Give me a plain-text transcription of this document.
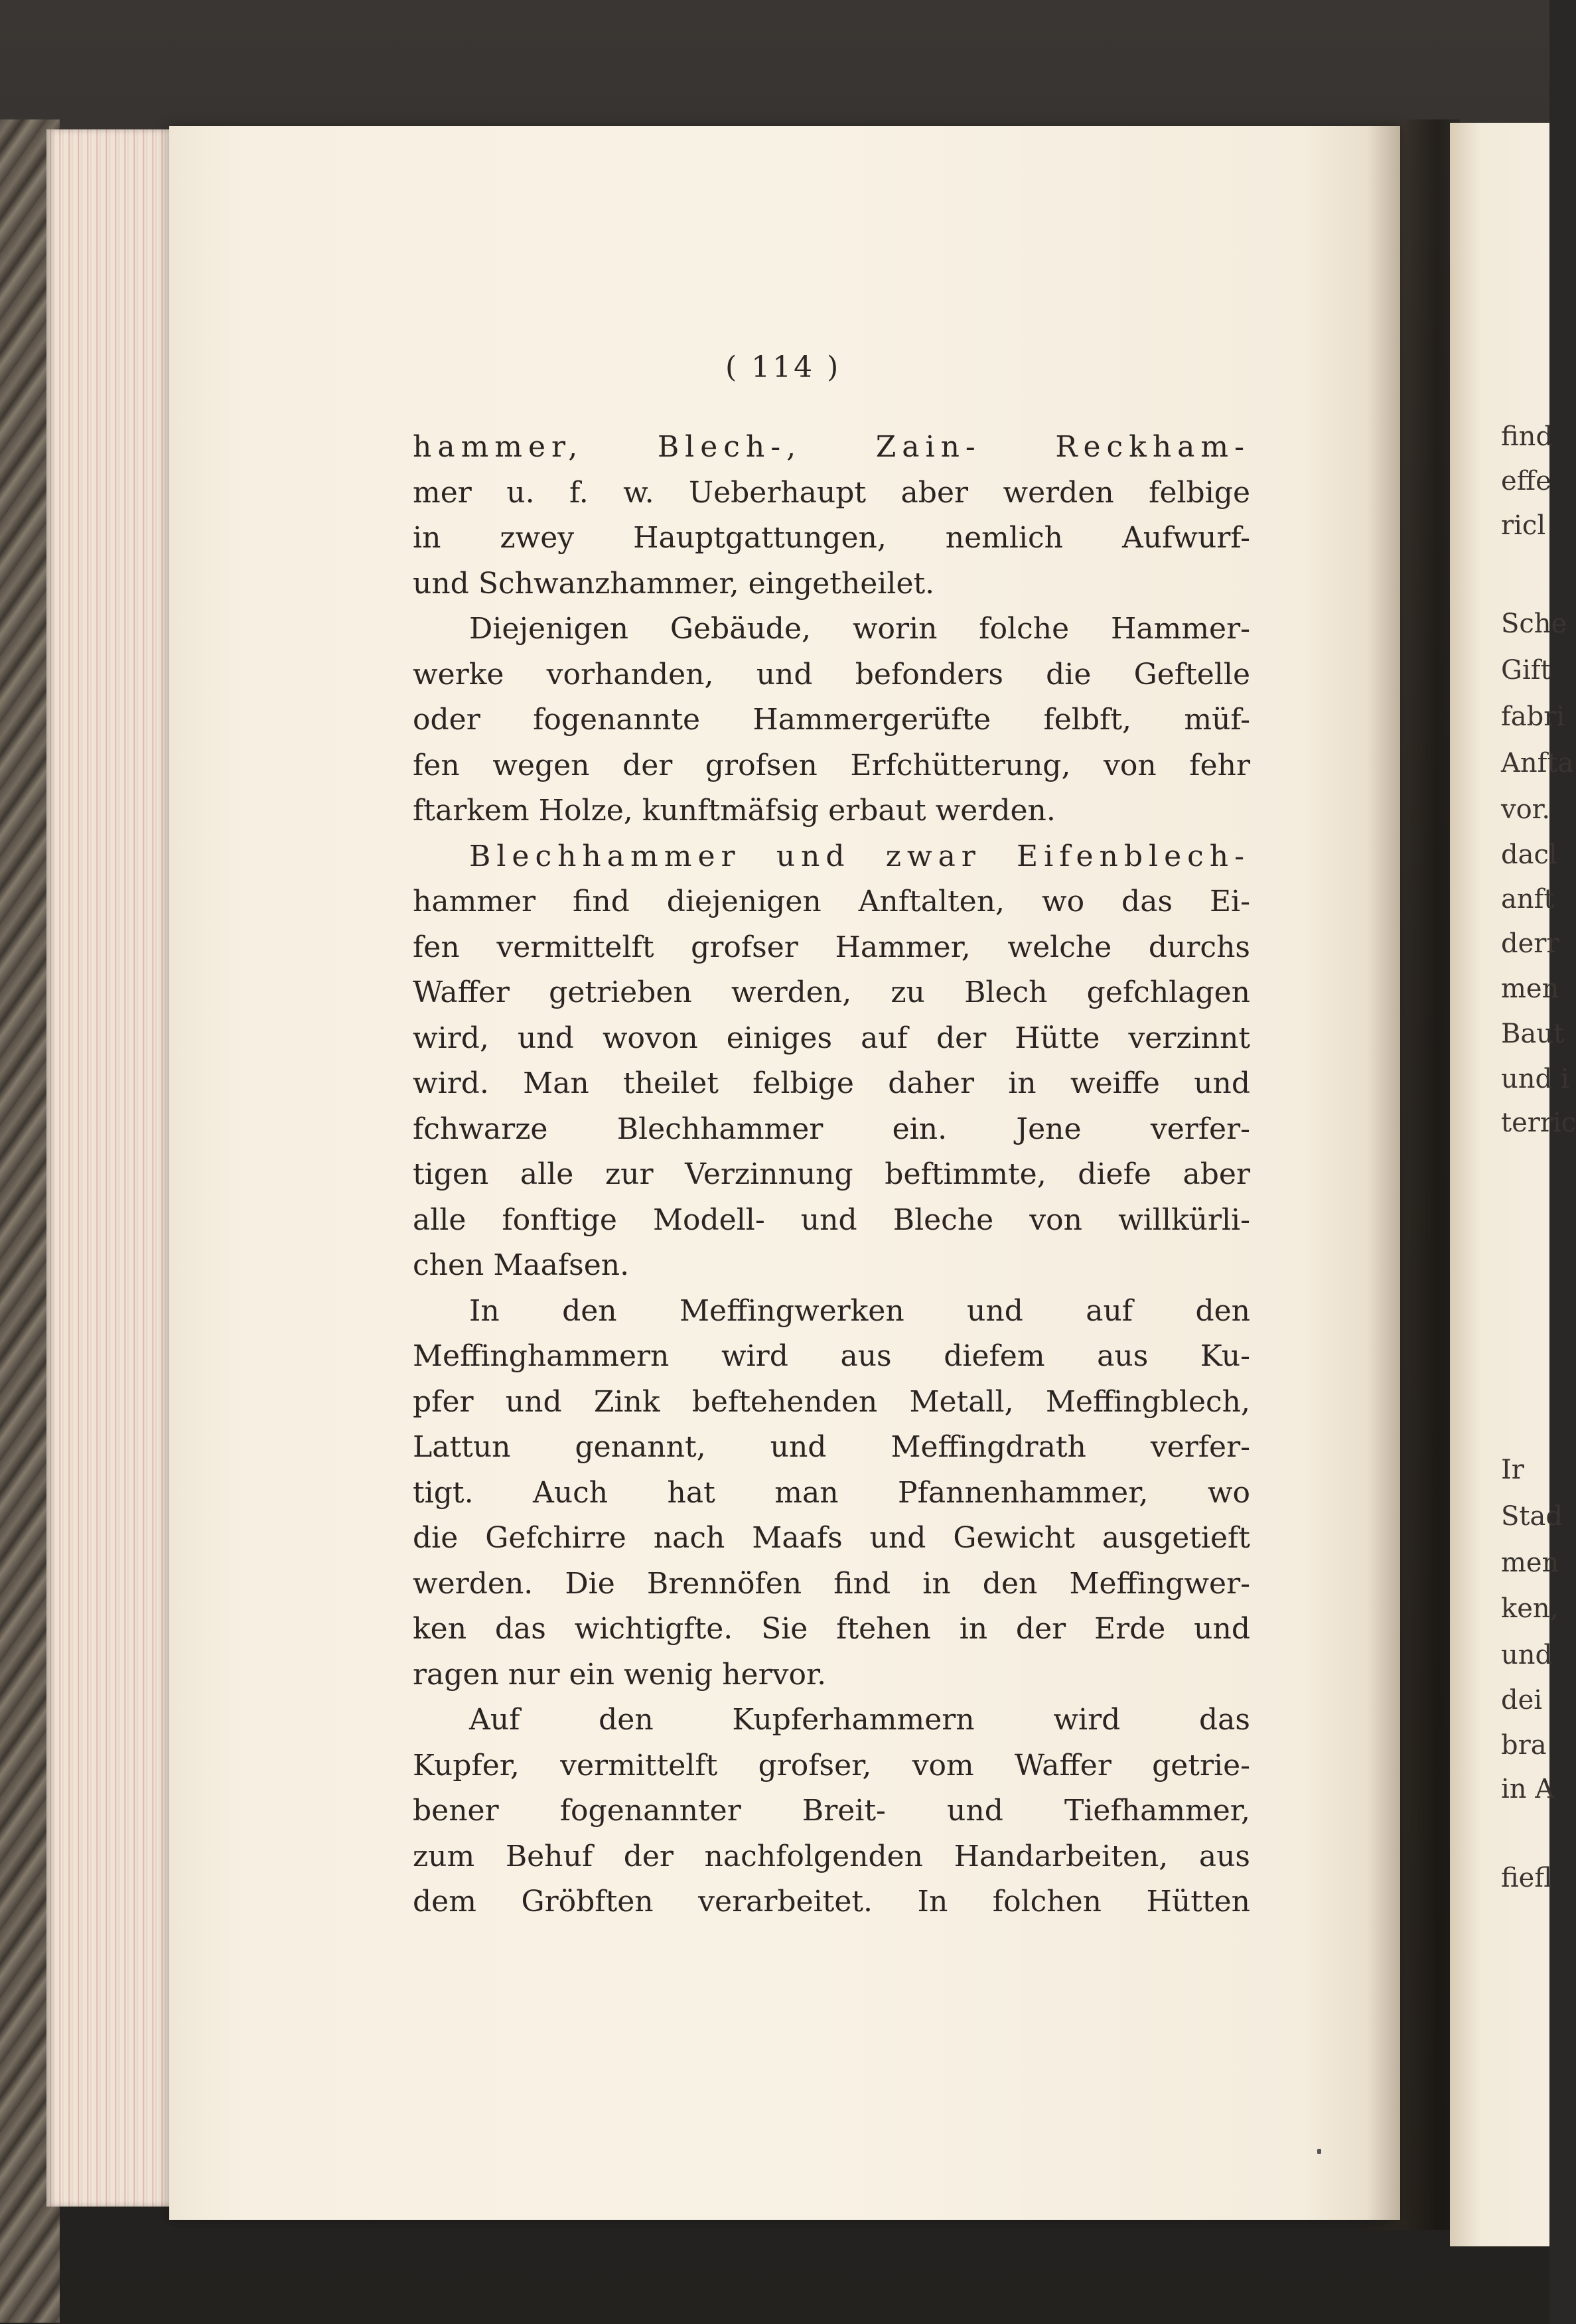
find
effe
ricl
Sche
Gift
fabri
Anfta
vor.
dacl
anft
derr
men
Baut
und i
terric
Ir
Stad
men
ken,
und
dei
bra
in A
fiefl
( 114 )
hammer, Blech-, Zain- Reckham-
mer u. f. w. Ueberhaupt aber werden felbige
in zwey Hauptgattungen, nemlich Aufwurf-
und Schwanzhammer, eingetheilet.
Diejenigen Gebäude, worin folche Hammer-
werke vorhanden, und befonders die Geftelle
oder fogenannte Hammergerüfte felbft, müf-
fen wegen der grofsen Erfchütterung, von fehr
ftarkem Holze, kunftmäfsig erbaut werden.
Blechhammer und zwar Eifenblech-
hammer find diejenigen Anftalten, wo das Ei-
fen vermittelft grofser Hammer, welche durchs
Waffer getrieben werden, zu Blech gefchlagen
wird, und wovon einiges auf der Hütte verzinnt
wird. Man theilet felbige daher in weiffe und
fchwarze Blechhammer ein. Jene verfer-
tigen alle zur Verzinnung beftimmte, diefe aber
alle fonftige Modell- und Bleche von willkürli-
chen Maafsen.
In den Meffingwerken und auf den
Meffinghammern wird aus diefem aus Ku-
pfer und Zink beftehenden Metall, Meffingblech,
Lattun genannt, und Meffingdrath verfer-
tigt. Auch hat man Pfannenhammer, wo
die Gefchirre nach Maafs und Gewicht ausgetieft
werden. Die Brennöfen find in den Meffingwer-
ken das wichtigfte. Sie ftehen in der Erde und
ragen nur ein wenig hervor.
Auf den Kupferhammern wird das
Kupfer, vermittelft grofser, vom Waffer getrie-
bener fogenannter Breit- und Tiefhammer,
zum Behuf der nachfolgenden Handarbeiten, aus
dem Gröbften verarbeitet. In folchen Hütten
